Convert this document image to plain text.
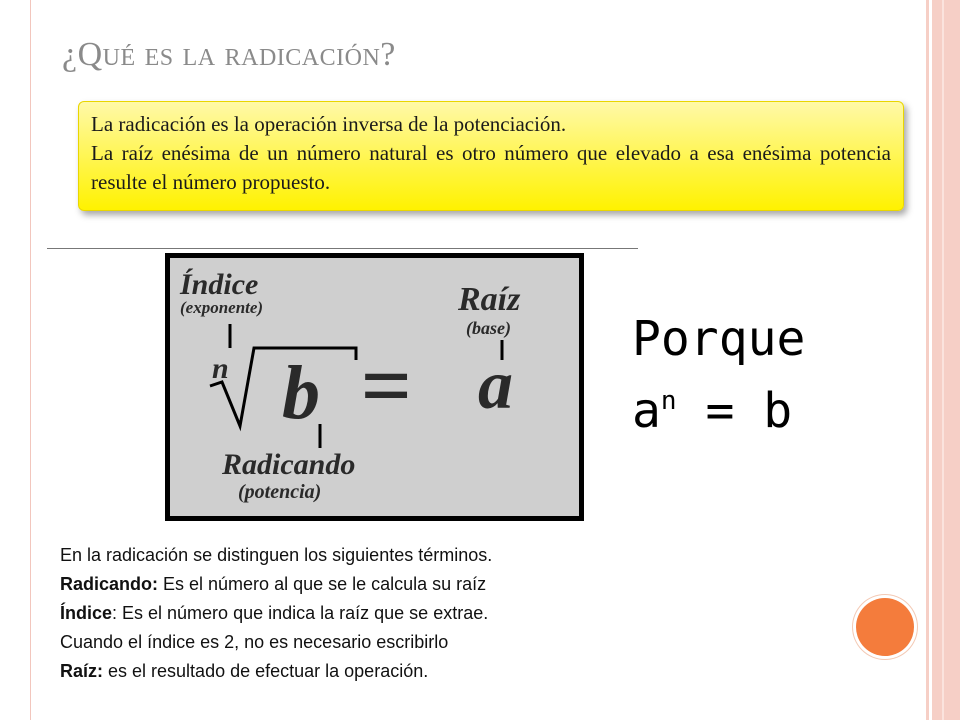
¿Qué es la radicación?

La radicación es la operación inversa de la potenciación.

La raíz enésima de un número natural es otro número que elevado a esa enésima potencia resulte el número propuesto.

Índice
(exponente)
n b = a
Raíz
(base)
Radicando
(potencia)
Porque
$a^n = b$
En la radicación se distinguen los siguientes términos.
Radicando: Es el número al que se le calcula su raíz
Índice: Es el número que indica la raíz que se extrae.
Cuando el índice es 2, no es necesario escribirlo
Raíz: es el resultado de efectuar la operación.
